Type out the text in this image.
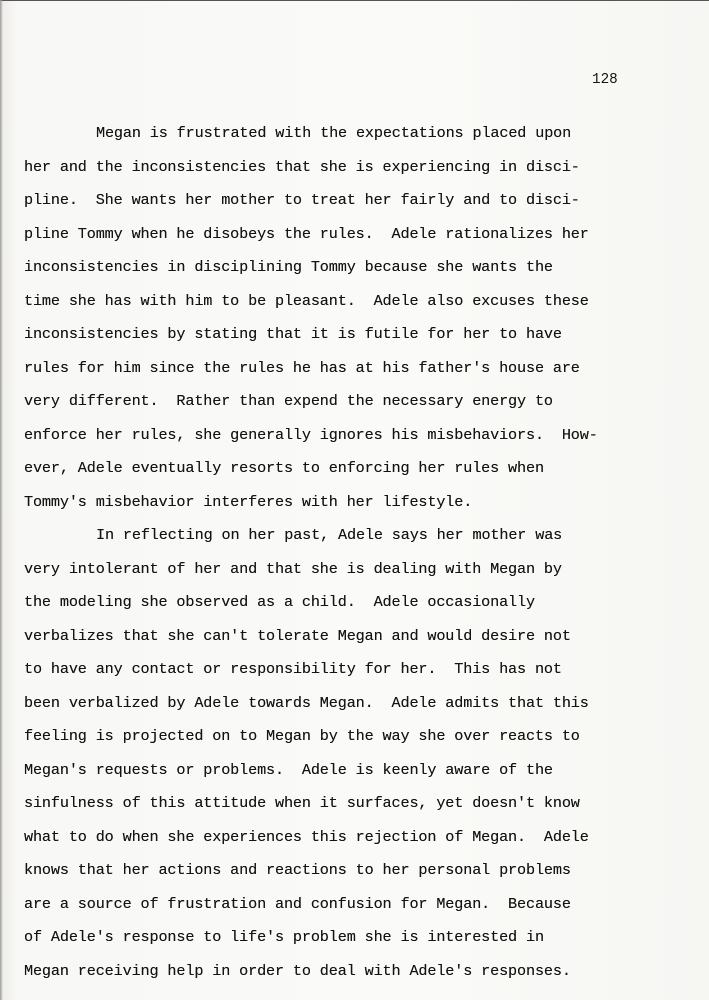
128

Megan is frustrated with the expectations placed upon
her and the inconsistencies that she is experiencing in disci-
pline.  She wants her mother to treat her fairly and to disci-
pline Tommy when he disobeys the rules.  Adele rationalizes her
inconsistencies in disciplining Tommy because she wants the
time she has with him to be pleasant.  Adele also excuses these
inconsistencies by stating that it is futile for her to have
rules for him since the rules he has at his father's house are
very different.  Rather than expend the necessary energy to
enforce her rules, she generally ignores his misbehaviors.  How-
ever, Adele eventually resorts to enforcing her rules when
Tommy's misbehavior interferes with her lifestyle.

In reflecting on her past, Adele says her mother was
very intolerant of her and that she is dealing with Megan by
the modeling she observed as a child.  Adele occasionally
verbalizes that she can't tolerate Megan and would desire not
to have any contact or responsibility for her.  This has not
been verbalized by Adele towards Megan.  Adele admits that this
feeling is projected on to Megan by the way she over reacts to
Megan's requests or problems.  Adele is keenly aware of the
sinfulness of this attitude when it surfaces, yet doesn't know
what to do when she experiences this rejection of Megan.  Adele
knows that her actions and reactions to her personal problems
are a source of frustration and confusion for Megan.  Because
of Adele's response to life's problem she is interested in
Megan receiving help in order to deal with Adele's responses.
